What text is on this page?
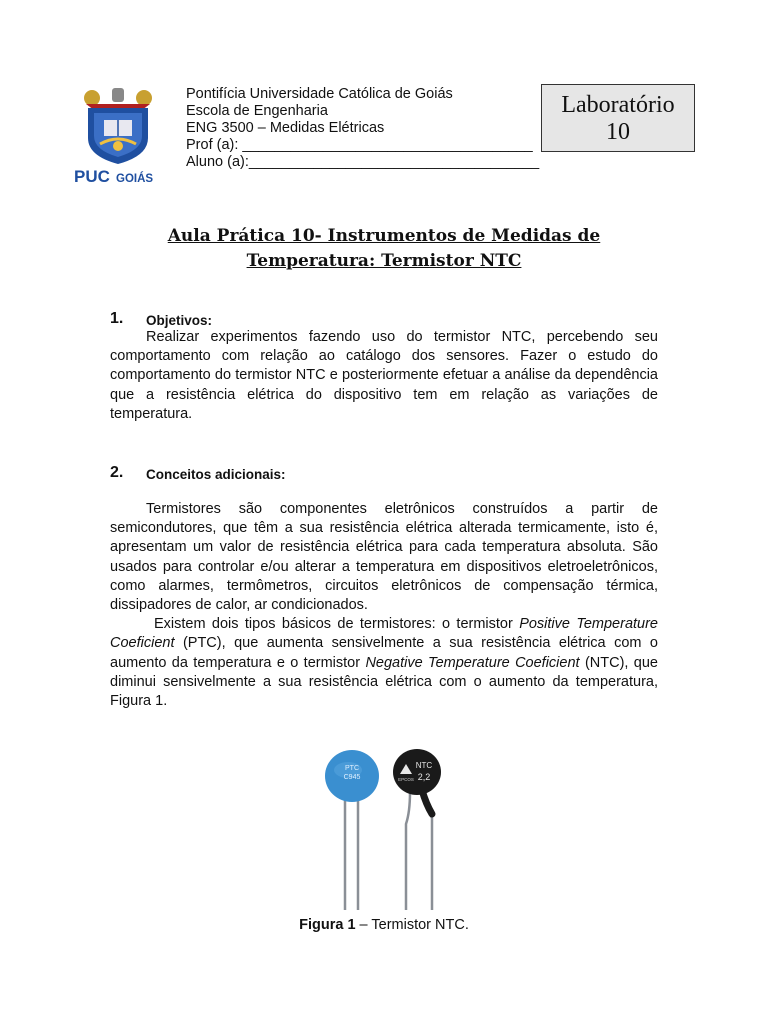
PUC GOIÁS
Pontifícia Universidade Católica de Goiás
Escola de Engenharia
ENG 3500 – Medidas Elétricas
Prof (a): ____________________________________
Aluno (a):____________________________________
Laboratório
10
Aula Prática 10- Instrumentos de Medidas de
Temperatura: Termistor NTC
1. Objetivos:

Realizar experimentos fazendo uso do termistor NTC, percebendo seu comportamento com relação ao catálogo dos sensores. Fazer o estudo do comportamento do termistor NTC e posteriormente efetuar a análise da dependência que a resistência elétrica do dispositivo tem em relação as variações de temperatura.

2. Conceitos adicionais:

Termistores são componentes eletrônicos construídos a partir de semicondutores, que têm a sua resistência elétrica alterada termicamente, isto é, apresentam um valor de resistência elétrica para cada temperatura absoluta. São usados para controlar e/ou alterar a temperatura em dispositivos eletroeletrônicos, como alarmes, termômetros, circuitos eletrônicos de compensação térmica, dissipadores de calor, ar condicionados.

Existem dois tipos básicos de termistores: o termistor Positive Temperature Coeficient (PTC), que aumenta sensivelmente a sua resistência elétrica com o aumento da temperatura e o termistor Negative Temperature Coeficient (NTC), que diminui sensivelmente a sua resistência elétrica com o aumento da temperatura, Figura 1.

PTC
C945
NTC
EPCOS 2,2
Figura 1 – Termistor NTC.
